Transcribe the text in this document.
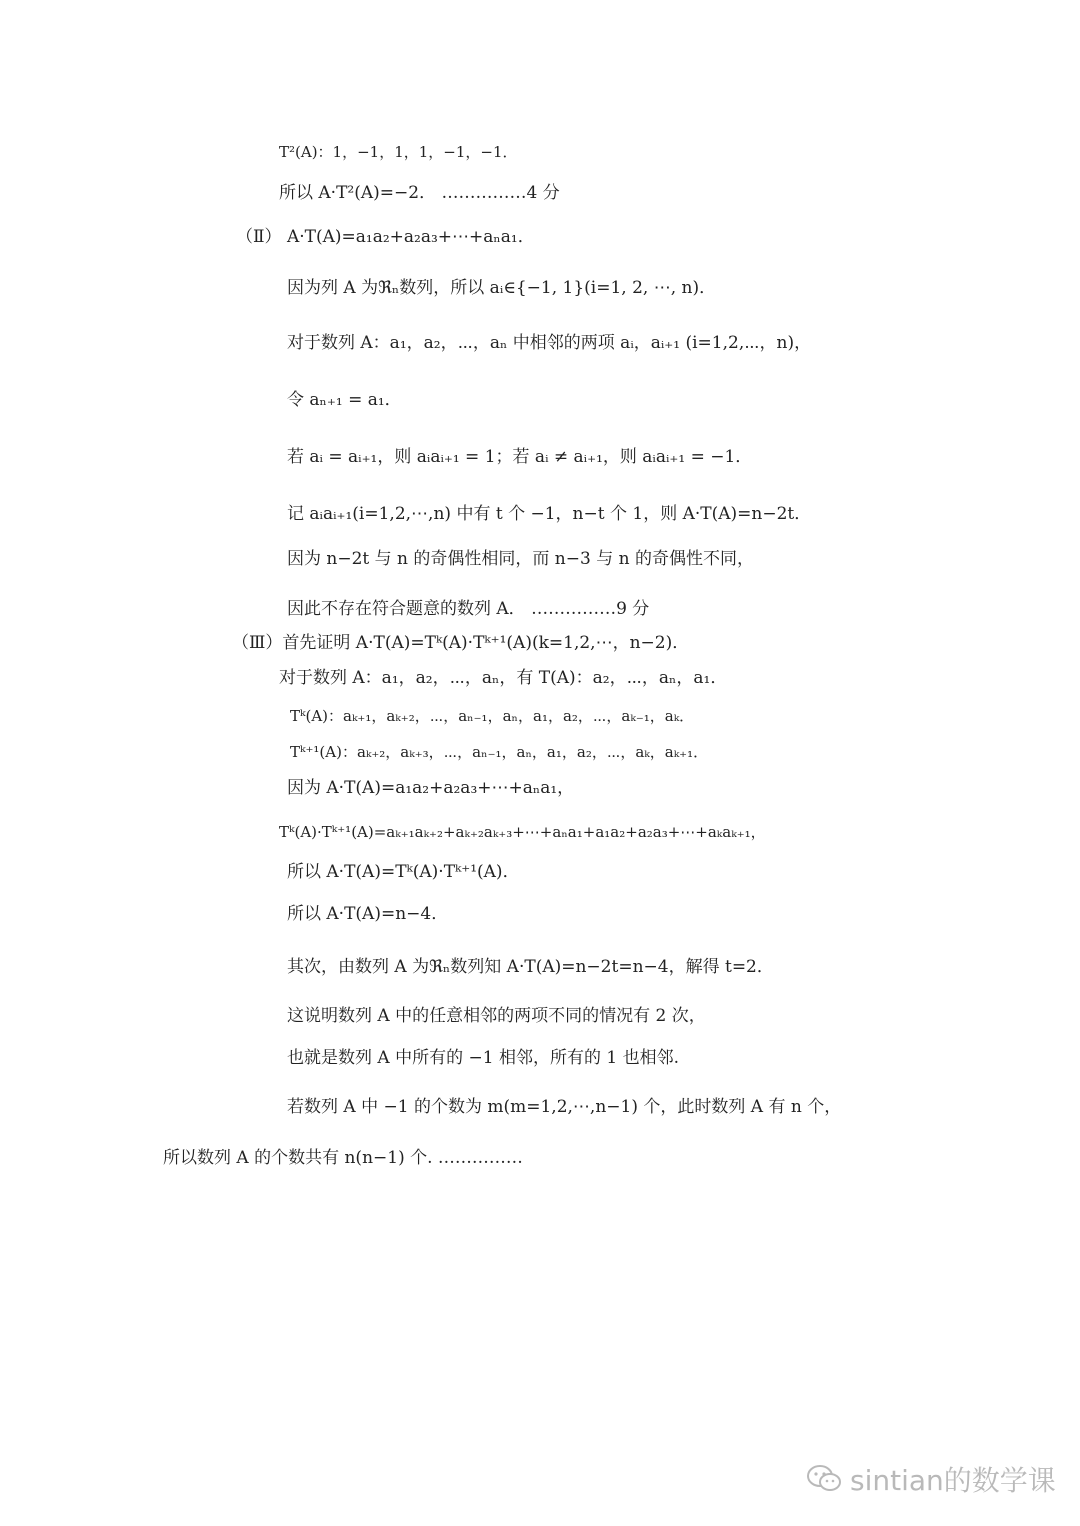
T²(A)：1，−1，1，1，−1，−1．
所以 A·T²(A)=−2． ……………4 分
（Ⅱ） A·T(A)=a₁a₂+a₂a₃+⋯+aₙa₁．
因为列 A 为ℜₙ数列，所以 aᵢ∈{−1, 1}(i=1, 2, ⋯, n)．
对于数列 A：a₁，a₂，⋯，aₙ 中相邻的两项 aᵢ，aᵢ₊₁ (i=1,2,⋯，n)，
令 aₙ₊₁ = a₁．
若 aᵢ = aᵢ₊₁，则 aᵢaᵢ₊₁ = 1；若 aᵢ ≠ aᵢ₊₁，则 aᵢaᵢ₊₁ = −1．
记 aᵢaᵢ₊₁(i=1,2,⋯,n) 中有 t 个 −1，n−t 个 1，则 A·T(A)=n−2t．
因为 n−2t 与 n 的奇偶性相同，而 n−3 与 n 的奇偶性不同，
因此不存在符合题意的数列 A． ……………9 分
（Ⅲ）首先证明 A·T(A)=Tᵏ(A)·Tᵏ⁺¹(A)(k=1,2,⋯，n−2)．
对于数列 A：a₁，a₂，⋯，aₙ，有 T(A)：a₂，⋯，aₙ，a₁．
Tᵏ(A)：aₖ₊₁，aₖ₊₂，⋯，aₙ₋₁，aₙ，a₁，a₂，⋯，aₖ₋₁，aₖ．
Tᵏ⁺¹(A)：aₖ₊₂，aₖ₊₃，⋯，aₙ₋₁，aₙ，a₁，a₂，⋯，aₖ，aₖ₊₁．
因为 A·T(A)=a₁a₂+a₂a₃+⋯+aₙa₁，
Tᵏ(A)·Tᵏ⁺¹(A)=aₖ₊₁aₖ₊₂+aₖ₊₂aₖ₊₃+⋯+aₙa₁+a₁a₂+a₂a₃+⋯+aₖaₖ₊₁，
所以 A·T(A)=Tᵏ(A)·Tᵏ⁺¹(A)．
所以 A·T(A)=n−4．
其次，由数列 A 为ℜₙ数列知 A·T(A)=n−2t=n−4，解得 t=2．
这说明数列 A 中的任意相邻的两项不同的情况有 2 次，
也就是数列 A 中所有的 −1 相邻，所有的 1 也相邻.
若数列 A 中 −1 的个数为 m(m=1,2,⋯,n−1) 个，此时数列 A 有 n 个，
所以数列 A 的个数共有 n(n−1) 个. ……………
sintian的数学课
